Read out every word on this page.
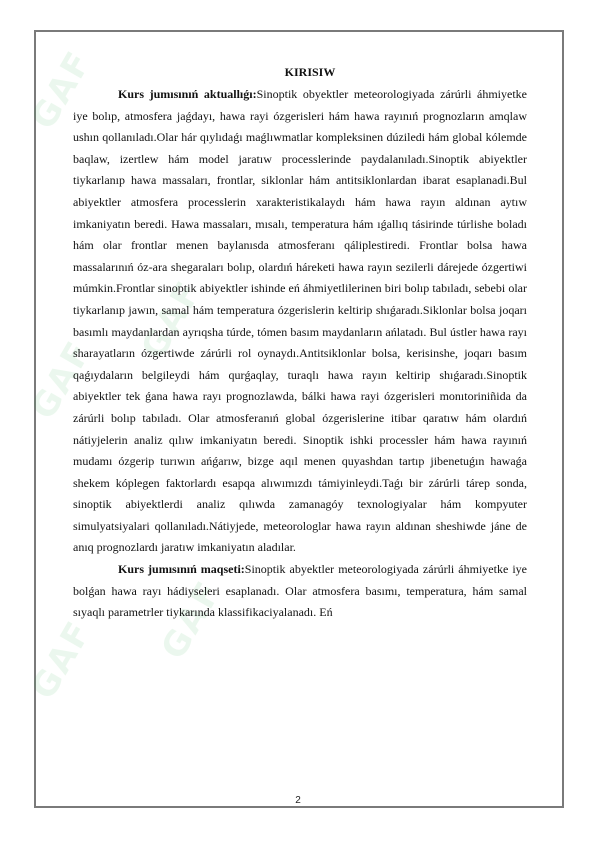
GAF
GAF
GAF
GAF GAF
KIRISIW

Kurs jumısınıń aktuallıǵı:Sinoptik obyektler meteorologiyada zárúrli áhmiyetke iye bolıp, atmosfera jaǵdayı, hawa rayi ózgerisleri hám hawa rayınıń prognozların amqlaw ushın qollanıladı.Olar hár qıylıdaǵı maǵlıwmatlar kompleksinen dúziledi hám global kólemde baqlaw, izertlew hám model jaratıw processlerinde paydalanıladı.Sinoptik abiyektler tiykarlanıp hawa massaları, frontlar, siklonlar hám antitsiklonlardan ibarat esaplanadi.Bul abiyektler atmosfera processlerin xarakteristikalaydı hám hawa rayın aldınan aytıw imkaniyatın beredi. Hawa massaları, mısalı, temperatura hám ıǵallıq tásirinde túrlishe boladı hám olar frontlar menen baylanısda atmosferanı qáliplestiredi. Frontlar bolsa hawa massalarınıń óz-ara shegaraları bolıp, olardıń háreketi hawa rayın sezilerli dárejede ózgertiwi múmkin.Frontlar sinoptik abiyektler ishinde eń áhmiyetlilerinen biri bolıp tabıladı, sebebi olar tiykarlanıp jawın, samal hám temperatura ózgerislerin keltirip shıǵaradı.Siklonlar bolsa joqarı basımlı maydanlardan ayrıqsha túrde, tómen basım maydanların ańlatadı. Bul ústler hawa rayı sharayatların ózgertiwde zárúrli rol oynaydı.Antitsiklonlar bolsa, kerisinshe, joqarı basım qaǵıydaların belgileydi hám qurǵaqlay, turaqlı hawa rayın keltirip shıǵaradı.Sinoptik abiyektler tek ǵana hawa rayı prognozlawda, bálki hawa rayi ózgerisleri monıtoriniñida da zárúrli bolıp tabıladı. Olar atmosferanıń global ózgerislerine itibar qaratıw hám olardıń nátiyjelerin analiz qılıw imkaniyatın beredi. Sinoptik ishki processler hám hawa rayınıń mudamı ózgerip turıwın ańǵarıw, bizge aqıl menen quyashdan tartıp jibenetuǵın hawaǵa shekem kóplegen faktorlardı esapqa alıwımızdı támiyinleydi.Taǵı bir zárúrli tárep sonda, sinoptik abiyektlerdi analiz qılıwda zamanagóy texnologiyalar hám kompyuter simulyatsiyalari qollanıladı.Nátiyjede, meteorologlar hawa rayın aldınan sheshiwde jáne de anıq prognozlardı jaratıw imkaniyatın aladılar.

Kurs jumısınıń maqseti:Sinoptik abyektler meteorologiyada zárúrli áhmiyetke iye bolǵan hawa rayı hádiyseleri esaplanadı. Olar atmosfera basımı, temperatura, hám samal sıyaqlı parametrler tiykarında klassifikaciyalanadı. Eń

2
